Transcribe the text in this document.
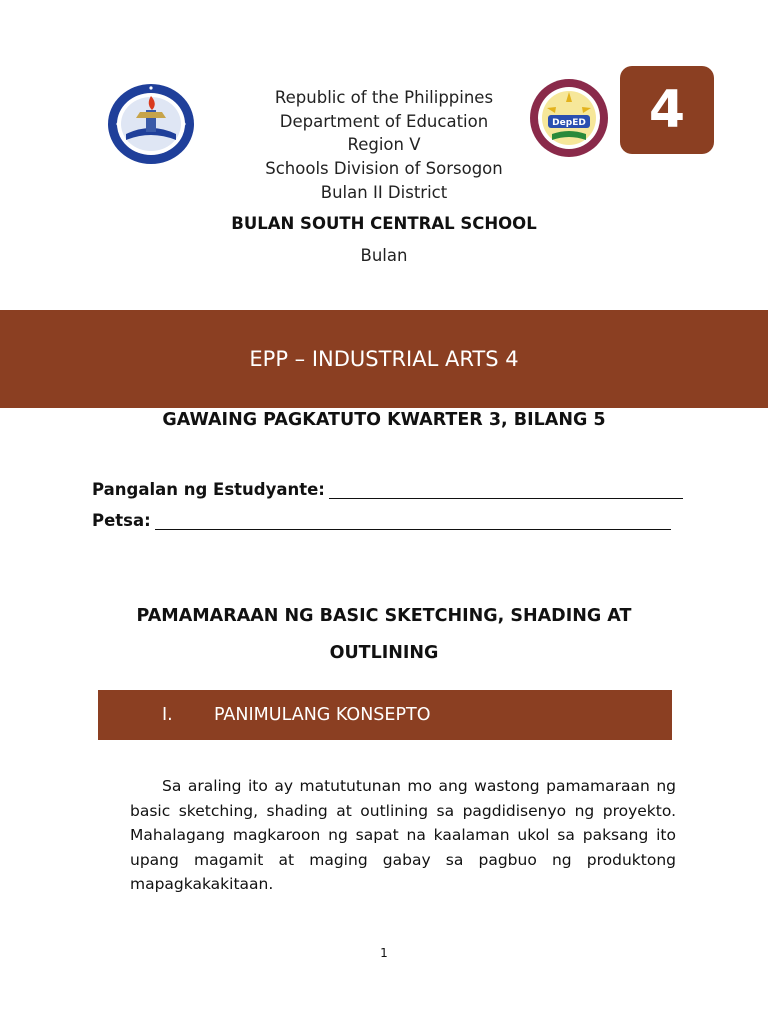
DepED
Republic of the Philippines
Department of Education
Region V
Schools Division of Sorsogon
Bulan II District
BULAN SOUTH CENTRAL SCHOOL
Bulan
4
EPP – INDUSTRIAL ARTS 4
GAWAING PAGKATUTO KWARTER 3, BILANG 5
Pangalan ng Estudyante:
Petsa:
PAMAMARAAN NG BASIC SKETCHING, SHADING AT OUTLINING
I.	PANIMULANG KONSEPTO
Sa araling ito ay matututunan mo ang wastong pamamaraan ng basic sketching, shading at outlining sa pagdidisenyo ng proyekto. Mahalagang magkaroon ng sapat na kaalaman ukol sa paksang ito upang magamit at maging gabay sa pagbuo ng produktong mapagkakakitaan.
1
